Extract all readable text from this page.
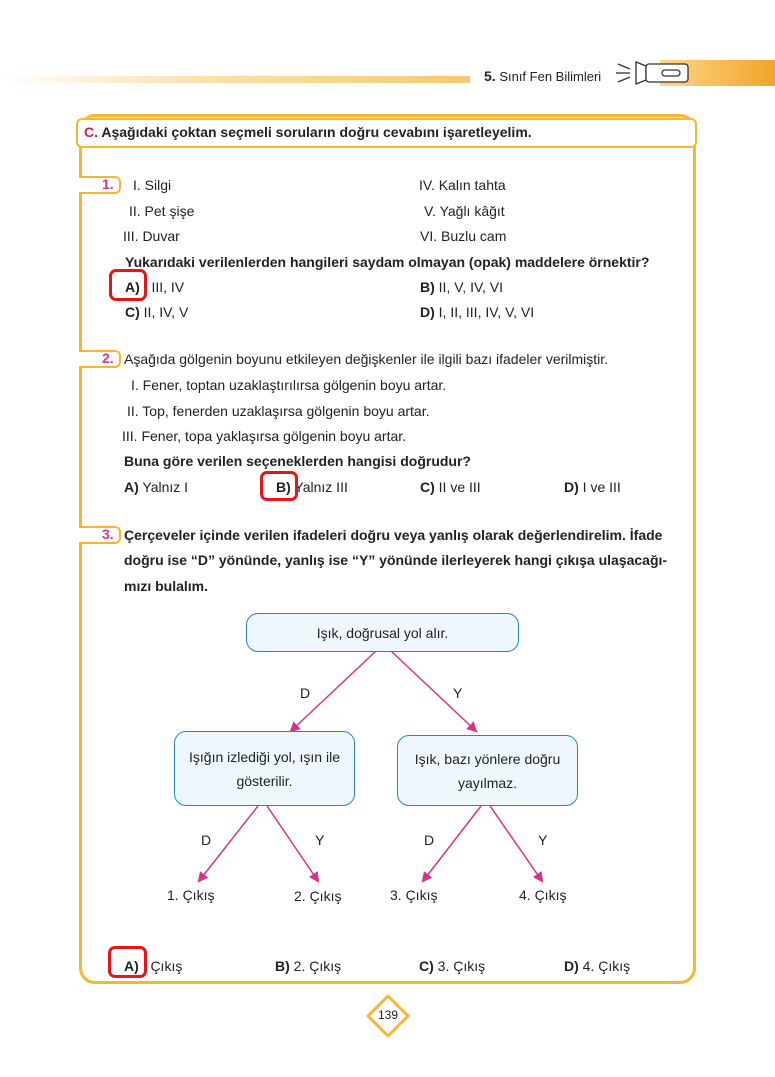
5. Sınıf Fen Bilimleri
C. Aşağıdaki çoktan seçmeli soruların doğru cevabını işaretleyelim.
1. I. Silgi
II. Pet şişe
III. Duvar
IV. Kalın tahta
V. Yağlı kâğıt
VI. Buzlu cam
Yukarıdaki verilenlerden hangileri saydam olmayan (opak) maddelere örnektir?
A) , III, IV	B) II, V, IV, VI
C) II, IV, V	D) I, II, III, IV, V, VI
2. Aşağıda gölgenin boyunu etkileyen değişkenler ile ilgili bazı ifadeler verilmiştir.
I. Fener, toptan uzaklaştırılırsa gölgenin boyu artar.
II. Top, fenerden uzaklaşırsa gölgenin boyu artar.
III. Fener, topa yaklaşırsa gölgenin boyu artar.
Buna göre verilen seçeneklerden hangisi doğrudur?
A) Yalnız I	B) Yalnız III	C) II ve III	D) I ve III
3. Çerçeveler içinde verilen ifadeleri doğru veya yanlış olarak değerlendirelim. İfade
doğru ise “D” yönünde, yanlış ise “Y” yönünde ilerleyerek hangi çıkışa ulaşacağı-
mızı bulalım.
Işık, doğrusal yol alır.
Işığın izlediği yol, ışın ile
gösterilir.
Işık, bazı yönlere doğru
yayılmaz.
D	Y
D	Y	D	Y
1. Çıkış	2. Çıkış	3. Çıkış	4. Çıkış
A) . Çıkış	B) 2. Çıkış	C) 3. Çıkış	D) 4. Çıkış
139
